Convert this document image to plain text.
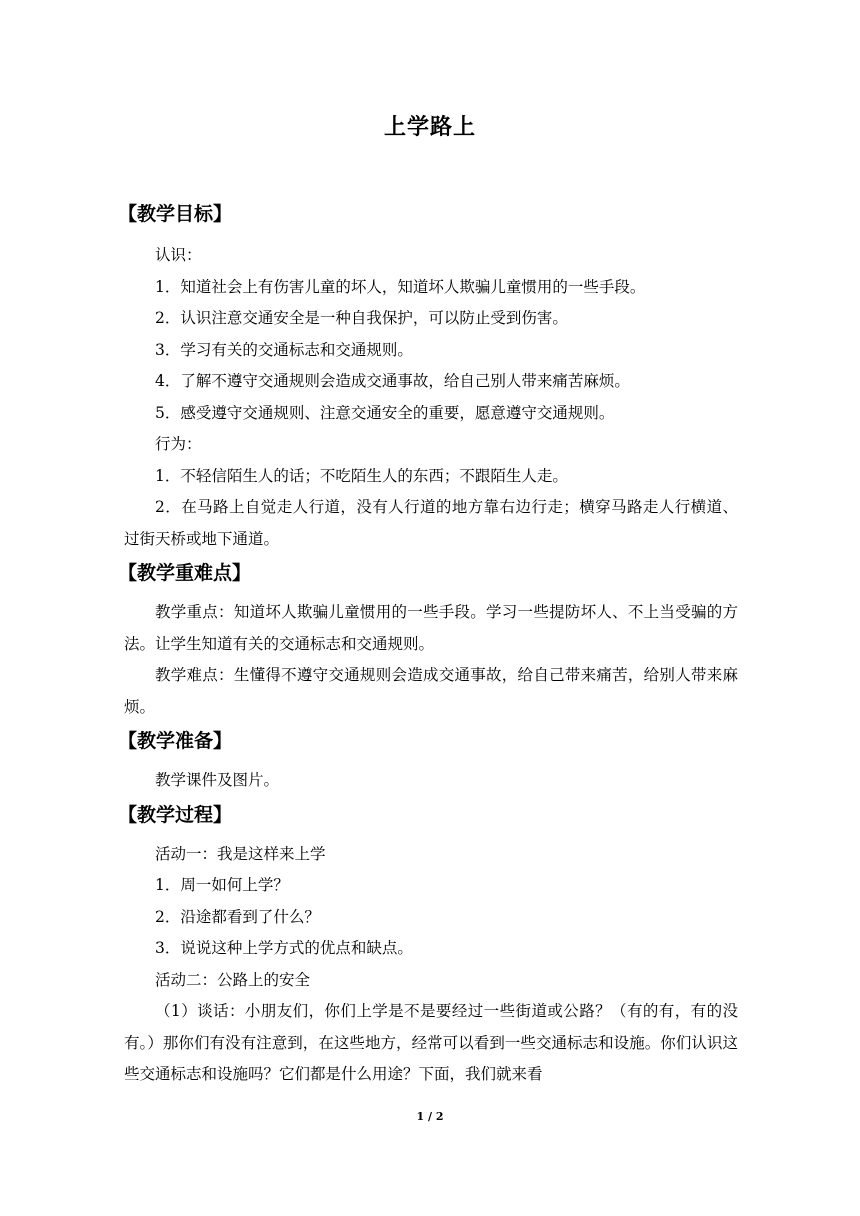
上学路上
【教学目标】

认识：

1．知道社会上有伤害儿童的坏人，知道坏人欺骗儿童惯用的一些手段。

2．认识注意交通安全是一种自我保护，可以防止受到伤害。

3．学习有关的交通标志和交通规则。

4．了解不遵守交通规则会造成交通事故，给自己别人带来痛苦麻烦。

5．感受遵守交通规则、注意交通安全的重要，愿意遵守交通规则。

行为：

1．不轻信陌生人的话；不吃陌生人的东西；不跟陌生人走。

2．在马路上自觉走人行道，没有人行道的地方靠右边行走；横穿马路走人行横道、过街天桥或地下通道。

【教学重难点】

教学重点：知道坏人欺骗儿童惯用的一些手段。学习一些提防坏人、不上当受骗的方法。让学生知道有关的交通标志和交通规则。

教学难点：生懂得不遵守交通规则会造成交通事故，给自己带来痛苦，给别人带来麻烦。

【教学准备】

教学课件及图片。

【教学过程】

活动一：我是这样来上学

1．周一如何上学？

2．沿途都看到了什么？

3．说说这种上学方式的优点和缺点。

活动二：公路上的安全

（1）谈话：小朋友们，你们上学是不是要经过一些街道或公路？（有的有，有的没有。）那你们有没有注意到，在这些地方，经常可以看到一些交通标志和设施。你们认识这些交通标志和设施吗？它们都是什么用途？下面，我们就来看

1 / 2
